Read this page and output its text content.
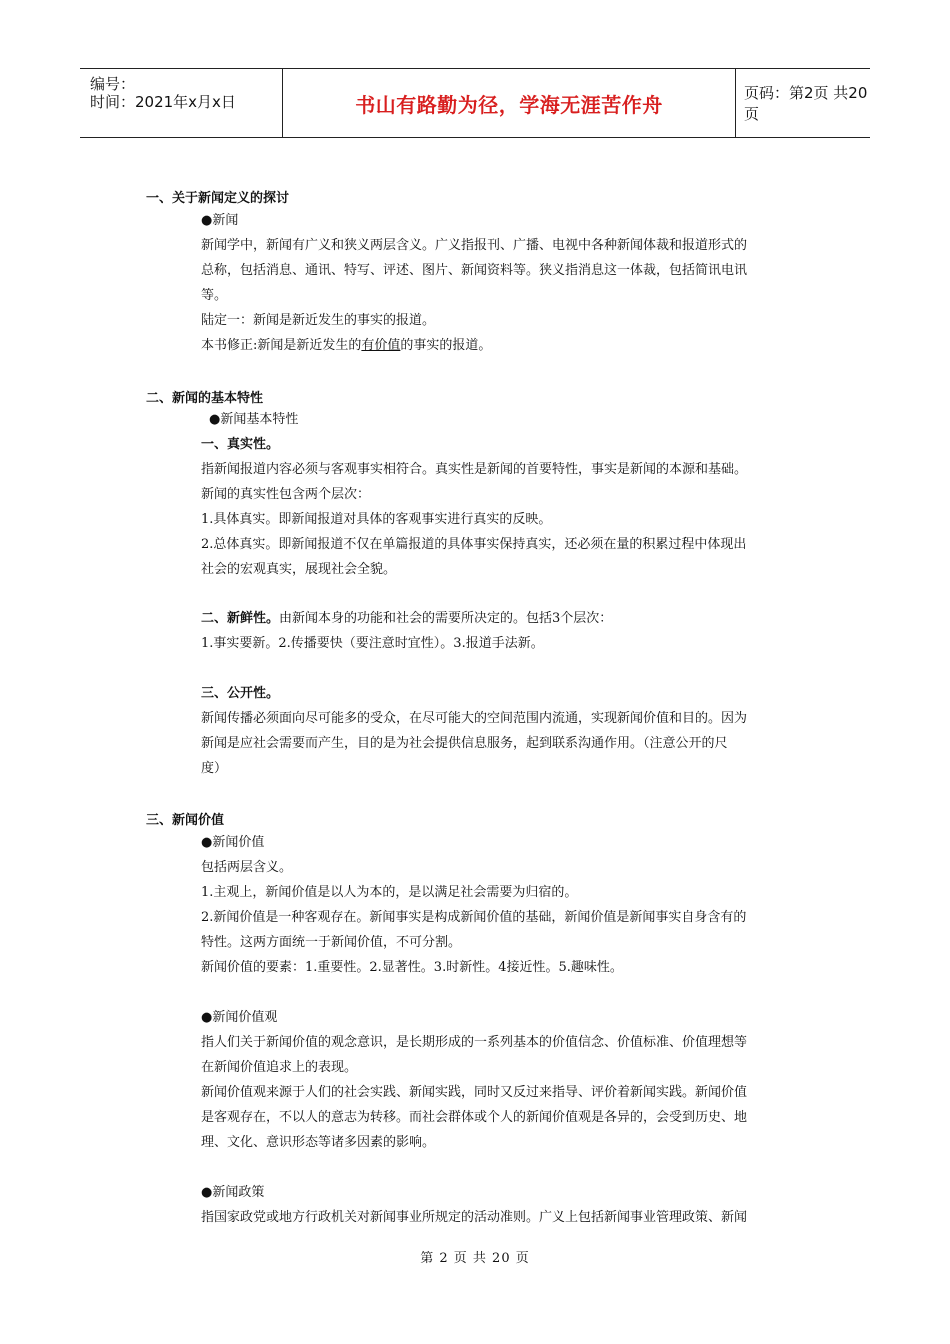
编号：
时间：2021年x月x日	书山有路勤为径，学海无涯苦作舟	页码：第2页 共20页
一、关于新闻定义的探讨
●新闻
新闻学中，新闻有广义和狭义两层含义。广义指报刊、广播、电视中各种新闻体裁和报道形式的
总称，包括消息、通讯、特写、评述、图片、新闻资料等。狭义指消息这一体裁，包括简讯电讯
等。
陆定一：新闻是新近发生的事实的报道。
本书修正:新闻是新近发生的有价值的事实的报道。
二、新闻的基本特性
●新闻基本特性
一、真实性。
指新闻报道内容必须与客观事实相符合。真实性是新闻的首要特性，事实是新闻的本源和基础。
新闻的真实性包含两个层次：
1.具体真实。即新闻报道对具体的客观事实进行真实的反映。
2.总体真实。即新闻报道不仅在单篇报道的具体事实保持真实，还必须在量的积累过程中体现出
社会的宏观真实，展现社会全貌。
二、新鲜性。由新闻本身的功能和社会的需要所决定的。包括3个层次：
1.事实要新。2.传播要快（要注意时宜性）。3.报道手法新。
三、公开性。
新闻传播必须面向尽可能多的受众，在尽可能大的空间范围内流通，实现新闻价值和目的。因为
新闻是应社会需要而产生，目的是为社会提供信息服务，起到联系沟通作用。（注意公开的尺
度）
三、新闻价值
●新闻价值
包括两层含义。
1.主观上，新闻价值是以人为本的，是以满足社会需要为归宿的。
2.新闻价值是一种客观存在。新闻事实是构成新闻价值的基础，新闻价值是新闻事实自身含有的
特性。这两方面统一于新闻价值，不可分割。
新闻价值的要素：1.重要性。2.显著性。3.时新性。4接近性。5.趣味性。
●新闻价值观
指人们关于新闻价值的观念意识，是长期形成的一系列基本的价值信念、价值标准、价值理想等
在新闻价值追求上的表现。
新闻价值观来源于人们的社会实践、新闻实践，同时又反过来指导、评价着新闻实践。新闻价值
是客观存在，不以人的意志为转移。而社会群体或个人的新闻价值观是各异的，会受到历史、地
理、文化、意识形态等诸多因素的影响。
●新闻政策
指国家政党或地方行政机关对新闻事业所规定的活动准则。广义上包括新闻事业管理政策、新闻
第 2 页 共 20 页
